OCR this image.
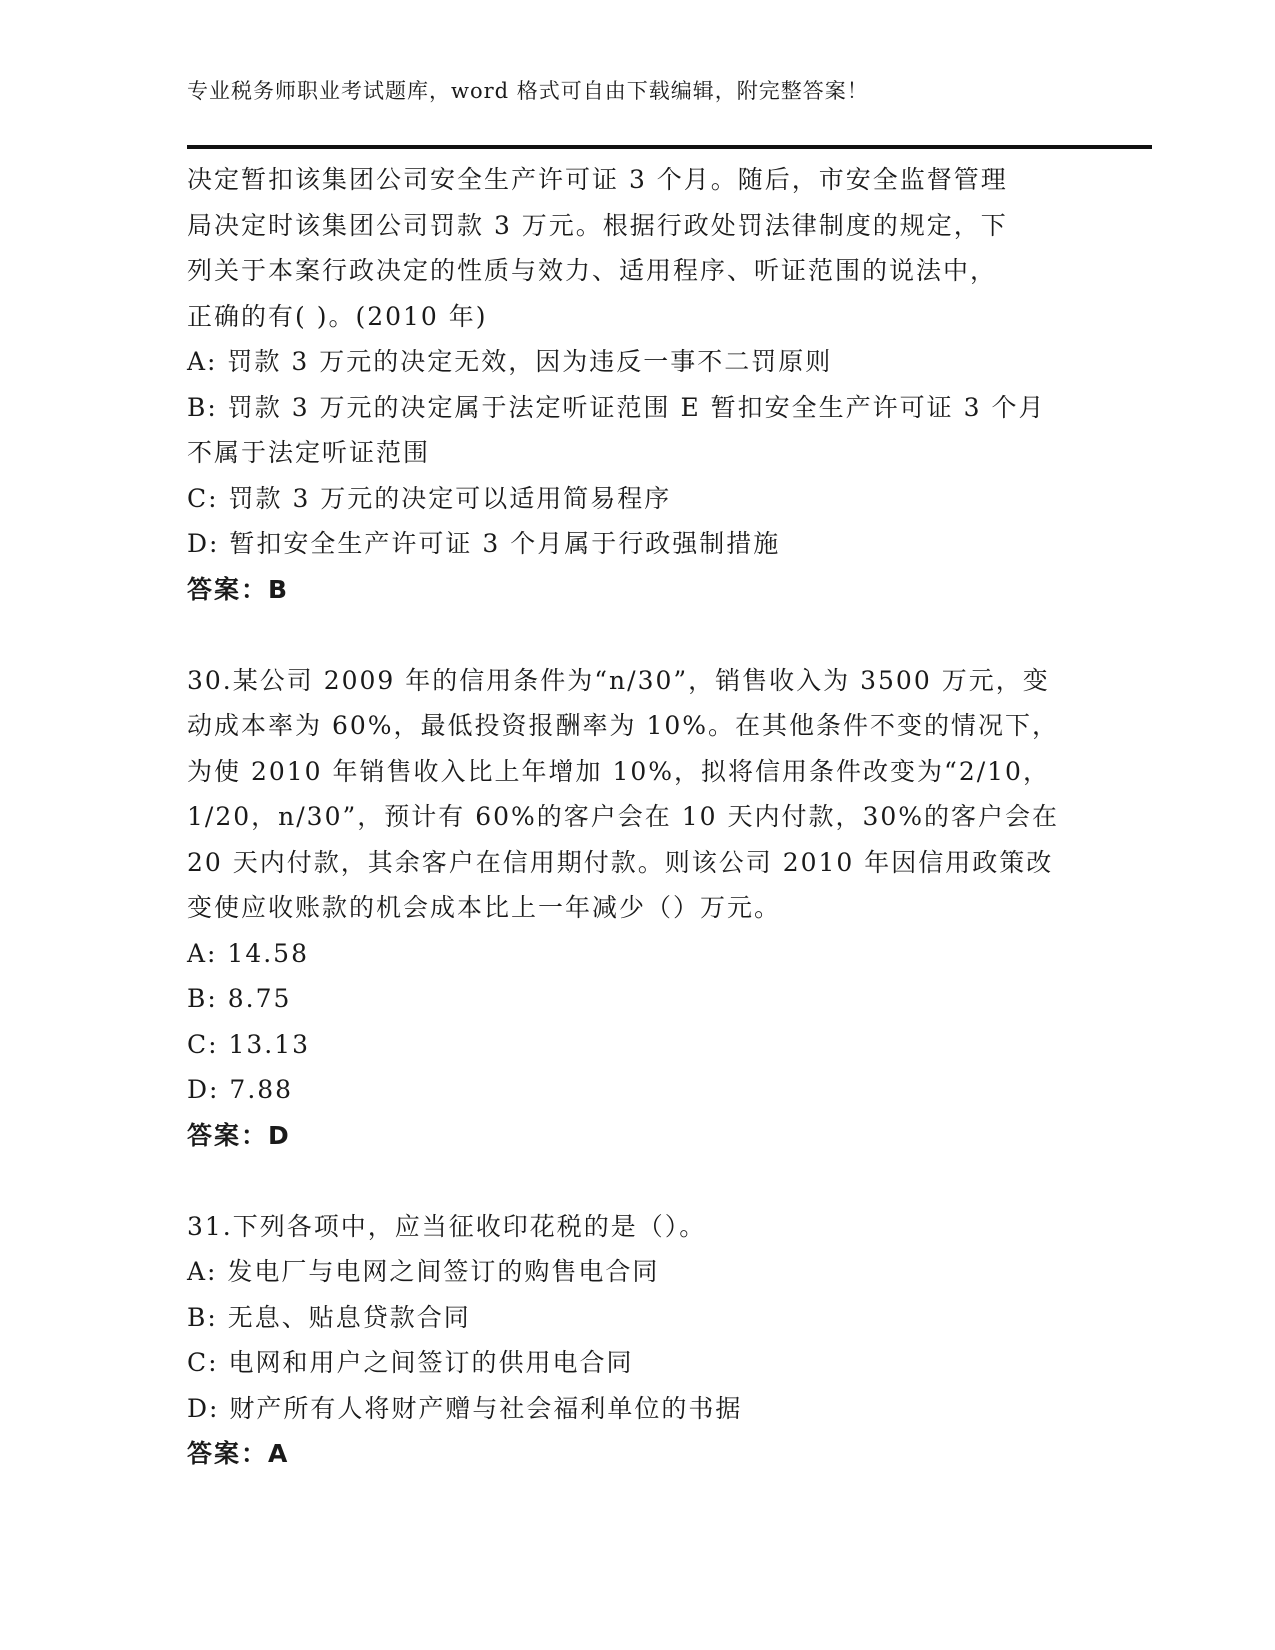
专业税务师职业考试题库，word 格式可自由下载编辑，附完整答案！
决定暂扣该集团公司安全生产许可证 3 个月。随后，市安全监督管理
局决定时该集团公司罚款 3 万元。根据行政处罚法律制度的规定，下
列关于本案行政决定的性质与效力、适用程序、听证范围的说法中，
正确的有( )。(2010 年)
A: 罚款 3 万元的决定无效，因为违反一事不二罚原则
B: 罚款 3 万元的决定属于法定听证范围 E 暂扣安全生产许可证 3 个月
不属于法定听证范围
C: 罚款 3 万元的决定可以适用简易程序
D: 暂扣安全生产许可证 3 个月属于行政强制措施
答案：B
30.某公司 2009 年的信用条件为“n/30”，销售收入为 3500 万元，变
动成本率为 60%，最低投资报酬率为 10%。在其他条件不变的情况下，
为使 2010 年销售收入比上年增加 10%，拟将信用条件改变为“2/10，
1/20，n/30”，预计有 60%的客户会在 10 天内付款，30%的客户会在
20 天内付款，其余客户在信用期付款。则该公司 2010 年因信用政策改
变使应收账款的机会成本比上一年减少（）万元。
A: 14.58
B: 8.75
C: 13.13
D: 7.88
答案：D
31.下列各项中，应当征收印花税的是（）。
A: 发电厂与电网之间签订的购售电合同
B: 无息、贴息贷款合同
C: 电网和用户之间签订的供用电合同
D: 财产所有人将财产赠与社会福利单位的书据
答案：A
